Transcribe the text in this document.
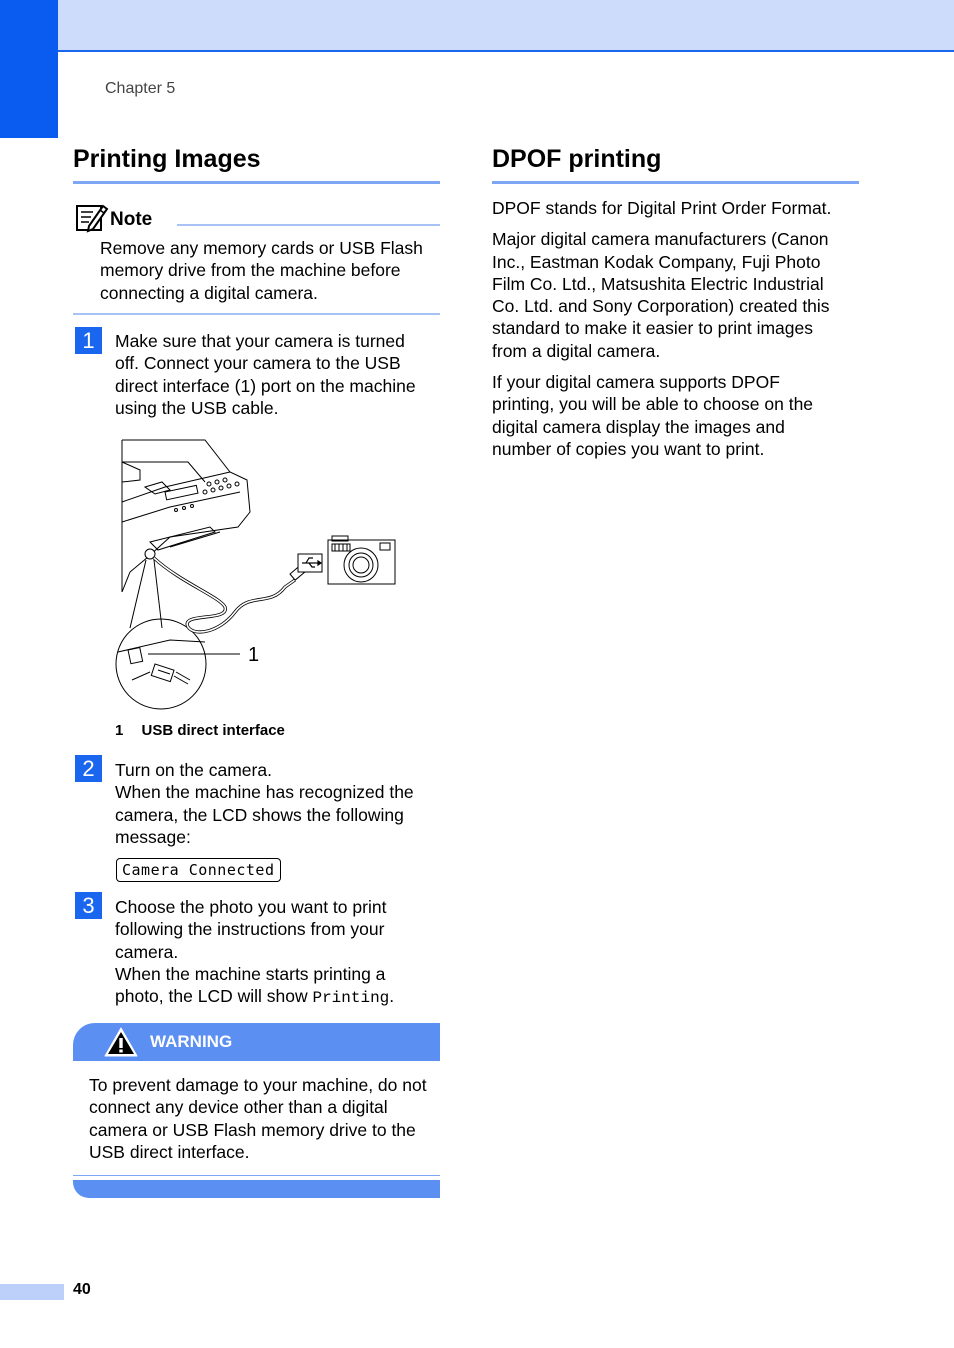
Chapter 5
Printing Images
Note
Remove any memory cards or USB Flash memory drive from the machine before connecting a digital camera.
1	Make sure that your camera is turned
off. Connect your camera to the USB
direct interface (1) port on the machine
using the USB cable.
1
1 USB direct interface
2	Turn on the camera.
When the machine has recognized the
camera, the LCD shows the following
message:
Camera Connected
3	Choose the photo you want to print
following the instructions from your
camera.
When the machine starts printing a
photo, the LCD will show Printing.
WARNING
To prevent damage to your machine, do not
connect any device other than a digital
camera or USB Flash memory drive to the
USB direct interface.
DPOF printing
DPOF stands for Digital Print Order Format.
Major digital camera manufacturers (Canon
Inc., Eastman Kodak Company, Fuji Photo
Film Co. Ltd., Matsushita Electric Industrial
Co. Ltd. and Sony Corporation) created this
standard to make it easier to print images
from a digital camera.
If your digital camera supports DPOF
printing, you will be able to choose on the
digital camera display the images and
number of copies you want to print.
40
